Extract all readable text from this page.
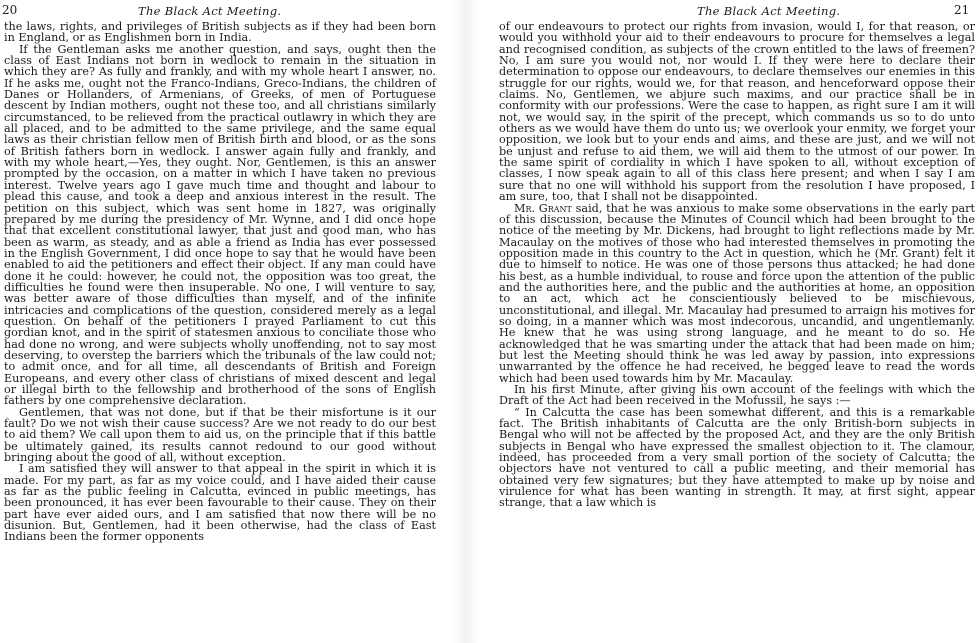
20	The Black Act Meeting.

the laws, rights, and privileges of British subjects as if they had been born in England, or as Englishmen born in India.

If the Gentleman asks me another question, and says, ought then the class of East Indians not born in wedlock to remain in the situation in which they are? As fully and frankly, and with my whole heart I answer, no. If he asks me, ought not the Franco-Indians, Greco-Indians, the children of Danes or Hollanders, of Armenians, of Greeks, of men of Portuguese descent by Indian mothers, ought not these too, and all christians similarly circumstanced, to be relieved from the practical outlawry in which they are all placed, and to be admitted to the same privilege, and the same equal laws as their christian fellow men of British birth and blood, or as the sons of British fathers born in wedlock. I answer again fully and frankly, and with my whole heart,—Yes, they ought. Nor, Gentlemen, is this an answer prompted by the occasion, on a matter in which I have taken no previous interest. Twelve years ago I gave much time and thought and labour to plead this cause, and took a deep and anxious interest in the result. The petition on this subject, which was sent home in 1827, was originally prepared by me during the presidency of Mr. Wynne, and I did once hope that that excellent constitutional lawyer, that just and good man, who has been as warm, as steady, and as able a friend as India has ever possessed in the English Government, I did once hope to say that he would have been enabled to aid the petitioners and effect their object. If any man could have done it he could: however, he could not, the opposition was too great, the difficulties he found were then insuperable. No one, I will venture to say, was better aware of those difficulties than myself, and of the infinite intricacies and complications of the question, considered merely as a legal question. On behalf of the petitioners I prayed Parliament to cut this gordian knot, and in the spirit of statesmen anxious to conciliate those who had done no wrong, and were subjects wholly unoffending, not to say most deserving, to overstep the barriers which the tribunals of the law could not; to admit once, and for all time, all descendants of British and Foreign Europeans, and every other class of christians of mixed descent and legal or illegal birth to the fellowship and brotherhood of the sons of English fathers by one comprehensive declaration.

Gentlemen, that was not done, but if that be their misfortune is it our fault? Do we not wish their cause success? Are we not ready to do our best to aid them? We call upon them to aid us, on the principle that if this battle be ultimately gained, its results cannot redound to our good without bringing about the good of all, without exception.

I am satisfied they will answer to that appeal in the spirit in which it is made. For my part, as far as my voice could, and I have aided their cause as far as the public feeling in Calcutta, evinced in public meetings, has been pronounced, it has ever been favourable to their cause. They on their part have ever aided ours, and I am satisfied that now there will be no disunion. But, Gentlemen, had it been otherwise, had the class of East Indians been the former opponents

The Black Act Meeting.	21

of our endeavours to protect our rights from invasion, would I, for that reason, or would you withhold your aid to their endeavours to procure for themselves a legal and recognised condition, as subjects of the crown entitled to the laws of freemen? No, I am sure you would not, nor would I. If they were here to declare their determination to oppose our endeavours, to declare themselves our enemies in this struggle for our rights, would we, for that reason, and henceforward oppose their claims. No, Gentlemen, we abjure such maxims, and our practice shall be in conformity with our professions. Were the case to happen, as right sure I am it will not, we would say, in the spirit of the precept, which commands us so to do unto others as we would have them do unto us; we overlook your enmity, we forget your opposition, we look but to your ends and aims, and these are just, and we will not be unjust and refuse to aid them, we will aid them to the utmost of our power. In the same spirit of cordiality in which I have spoken to all, without exception of classes, I now speak again to all of this class here present; and when I say I am sure that no one will withhold his support from the resolution I have proposed, I am sure, too, that I shall not be disappointed.

Mr. Grant said, that he was anxious to make some observations in the early part of this discussion, because the Minutes of Council which had been brought to the notice of the meeting by Mr. Dickens, had brought to light reflections made by Mr. Macaulay on the motives of those who had interested themselves in promoting the opposition made in this country to the Act in question, which he (Mr. Grant) felt it due to himself to notice. He was one of those persons thus attacked; he had done his best, as a humble individual, to rouse and force upon the attention of the public and the authorities here, and the public and the authorities at home, an opposition to an act, which act he conscientiously believed to be mischievous, unconstitutional, and illegal. Mr. Macaulay had presumed to arraign his motives for so doing, in a manner which was most indecorous, uncandid, and ungentlemanly. He knew that he was using strong language, and he meant to do so. He acknowledged that he was smarting under the attack that had been made on him; but lest the Meeting should think he was led away by passion, into expressions unwarranted by the offence he had received, he begged leave to read the words which had been used towards him by Mr. Macaulay.

In his first Minute, after giving his own account of the feelings with which the Draft of the Act had been received in the Mofussil, he says :—

“ In Calcutta the case has been somewhat different, and this is a remarkable fact. The British inhabitants of Calcutta are the only British-born subjects in Bengal who will not be affected by the proposed Act, and they are the only British subjects in Bengal who have expressed the smallest objection to it. The clamour, indeed, has proceeded from a very small portion of the society of Calcutta; the objectors have not ventured to call a public meeting, and their memorial has obtained very few signatures; but they have attempted to make up by noise and virulence for what has been wanting in strength. It may, at first sight, appear strange, that a law which is
